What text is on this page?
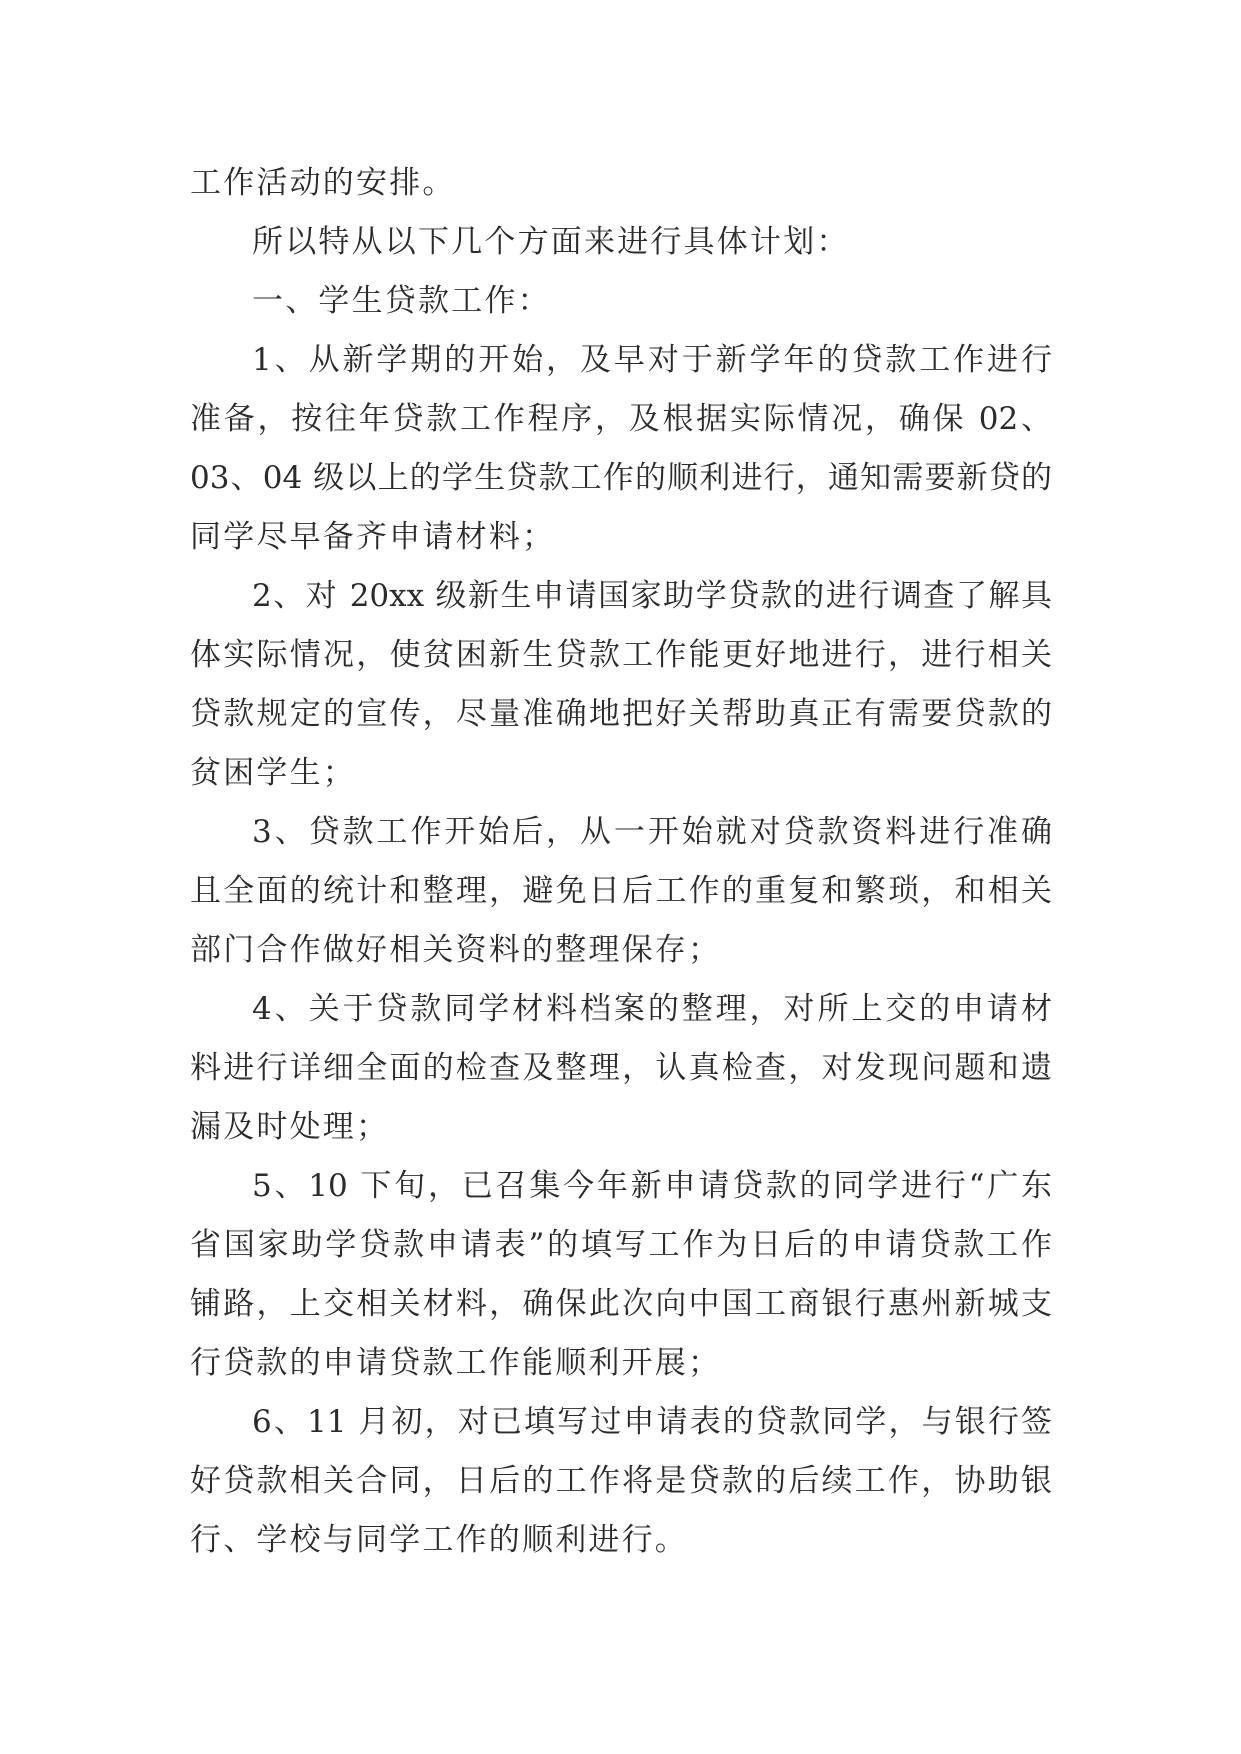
工作活动的安排。
所以特从以下几个方面来进行具体计划：
一、学生贷款工作：
1、从新学期的开始，及早对于新学年的贷款工作进行
准备，按往年贷款工作程序，及根据实际情况，确保 02、
03、04 级以上的学生贷款工作的顺利进行，通知需要新贷的
同学尽早备齐申请材料；
2、对 20xx 级新生申请国家助学贷款的进行调查了解具
体实际情况，使贫困新生贷款工作能更好地进行，进行相关
贷款规定的宣传，尽量准确地把好关帮助真正有需要贷款的
贫困学生；
3、贷款工作开始后，从一开始就对贷款资料进行准确
且全面的统计和整理，避免日后工作的重复和繁琐，和相关
部门合作做好相关资料的整理保存；
4、关于贷款同学材料档案的整理，对所上交的申请材
料进行详细全面的检查及整理，认真检查，对发现问题和遗
漏及时处理；
5、10 下旬，已召集今年新申请贷款的同学进行“广东
省国家助学贷款申请表”的填写工作为日后的申请贷款工作
铺路，上交相关材料，确保此次向中国工商银行惠州新城支
行贷款的申请贷款工作能顺利开展；
6、11 月初，对已填写过申请表的贷款同学，与银行签
好贷款相关合同，日后的工作将是贷款的后续工作，协助银
行、学校与同学工作的顺利进行。
